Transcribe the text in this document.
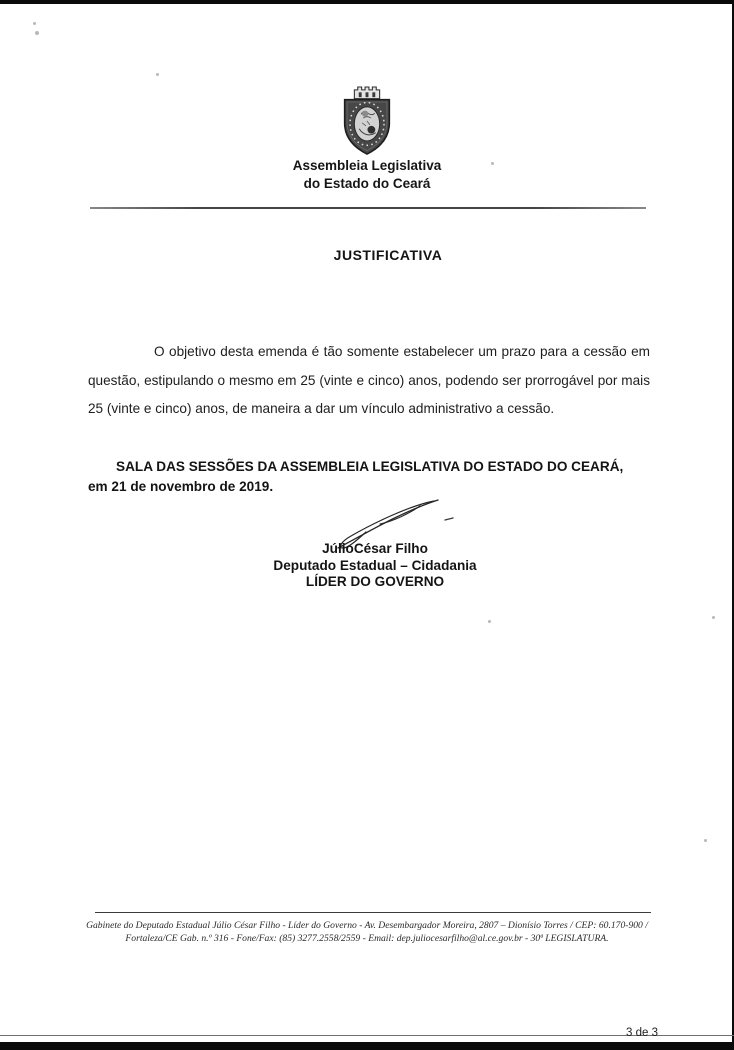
Assembleia Legislativa
do Estado do Ceará
JUSTIFICATIVA
O objetivo desta emenda é tão somente estabelecer um prazo para a cessão em questão, estipulando o mesmo em 25 (vinte e cinco) anos, podendo ser prorrogável por mais 25 (vinte e cinco) anos, de maneira a dar um vínculo administrativo a cessão.
SALA DAS SESSÕES DA ASSEMBLEIA LEGISLATIVA DO ESTADO DO CEARÁ,
em 21 de novembro de 2019.
JúlioCésar Filho
Deputado Estadual – Cidadania
LÍDER DO GOVERNO
Gabinete do Deputado Estadual Júlio César Filho - Líder do Governo - Av. Desembargador Moreira, 2807 – Dionísio Torres / CEP: 60.170-900 /
Fortaleza/CE Gab. n.º 316 - Fone/Fax: (85) 3277.2558/2559 - Email: dep.juliocesarfilho@al.ce.gov.br - 30ª LEGISLATURA.
3 de 3
